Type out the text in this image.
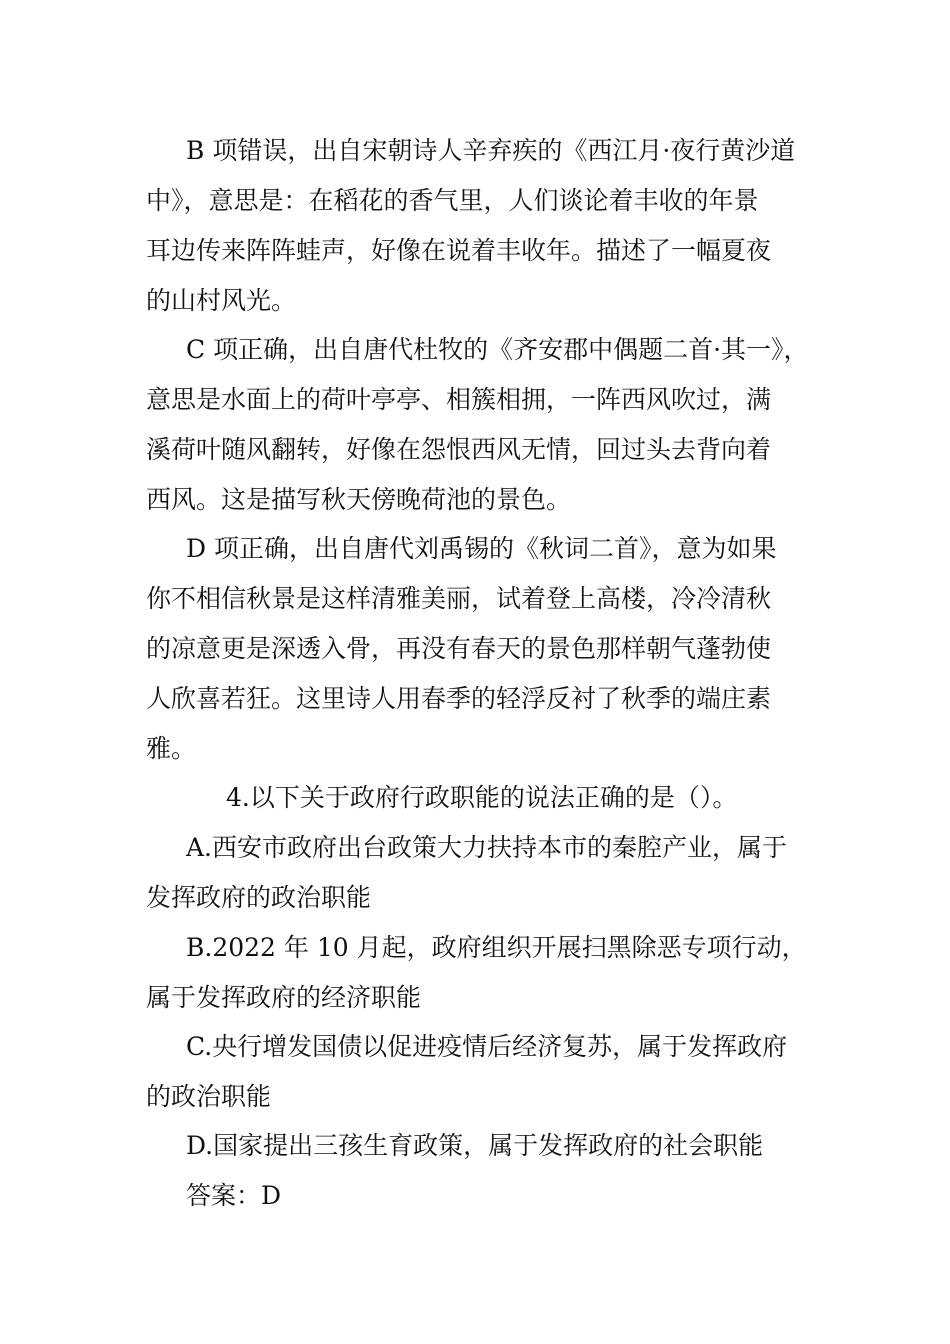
B 项错误，出自宋朝诗人辛弃疾的《西江月·夜行黄沙道
中》，意思是：在稻花的香气里，人们谈论着丰收的年景
耳边传来阵阵蛙声，好像在说着丰收年。描述了一幅夏夜
的山村风光。
C 项正确，出自唐代杜牧的《齐安郡中偶题二首·其一》，
意思是水面上的荷叶亭亭、相簇相拥，一阵西风吹过，满
溪荷叶随风翻转，好像在怨恨西风无情，回过头去背向着
西风。这是描写秋天傍晚荷池的景色。
D 项正确，出自唐代刘禹锡的《秋词二首》，意为如果
你不相信秋景是这样清雅美丽，试着登上高楼，冷冷清秋
的凉意更是深透入骨，再没有春天的景色那样朝气蓬勃使
人欣喜若狂。这里诗人用春季的轻浮反衬了秋季的端庄素
雅。
4.以下关于政府行政职能的说法正确的是（）。
A.西安市政府出台政策大力扶持本市的秦腔产业，属于
发挥政府的政治职能
B.2022 年 10 月起，政府组织开展扫黑除恶专项行动，
属于发挥政府的经济职能
C.央行增发国债以促进疫情后经济复苏，属于发挥政府
的政治职能
D.国家提出三孩生育政策，属于发挥政府的社会职能
答案：D
